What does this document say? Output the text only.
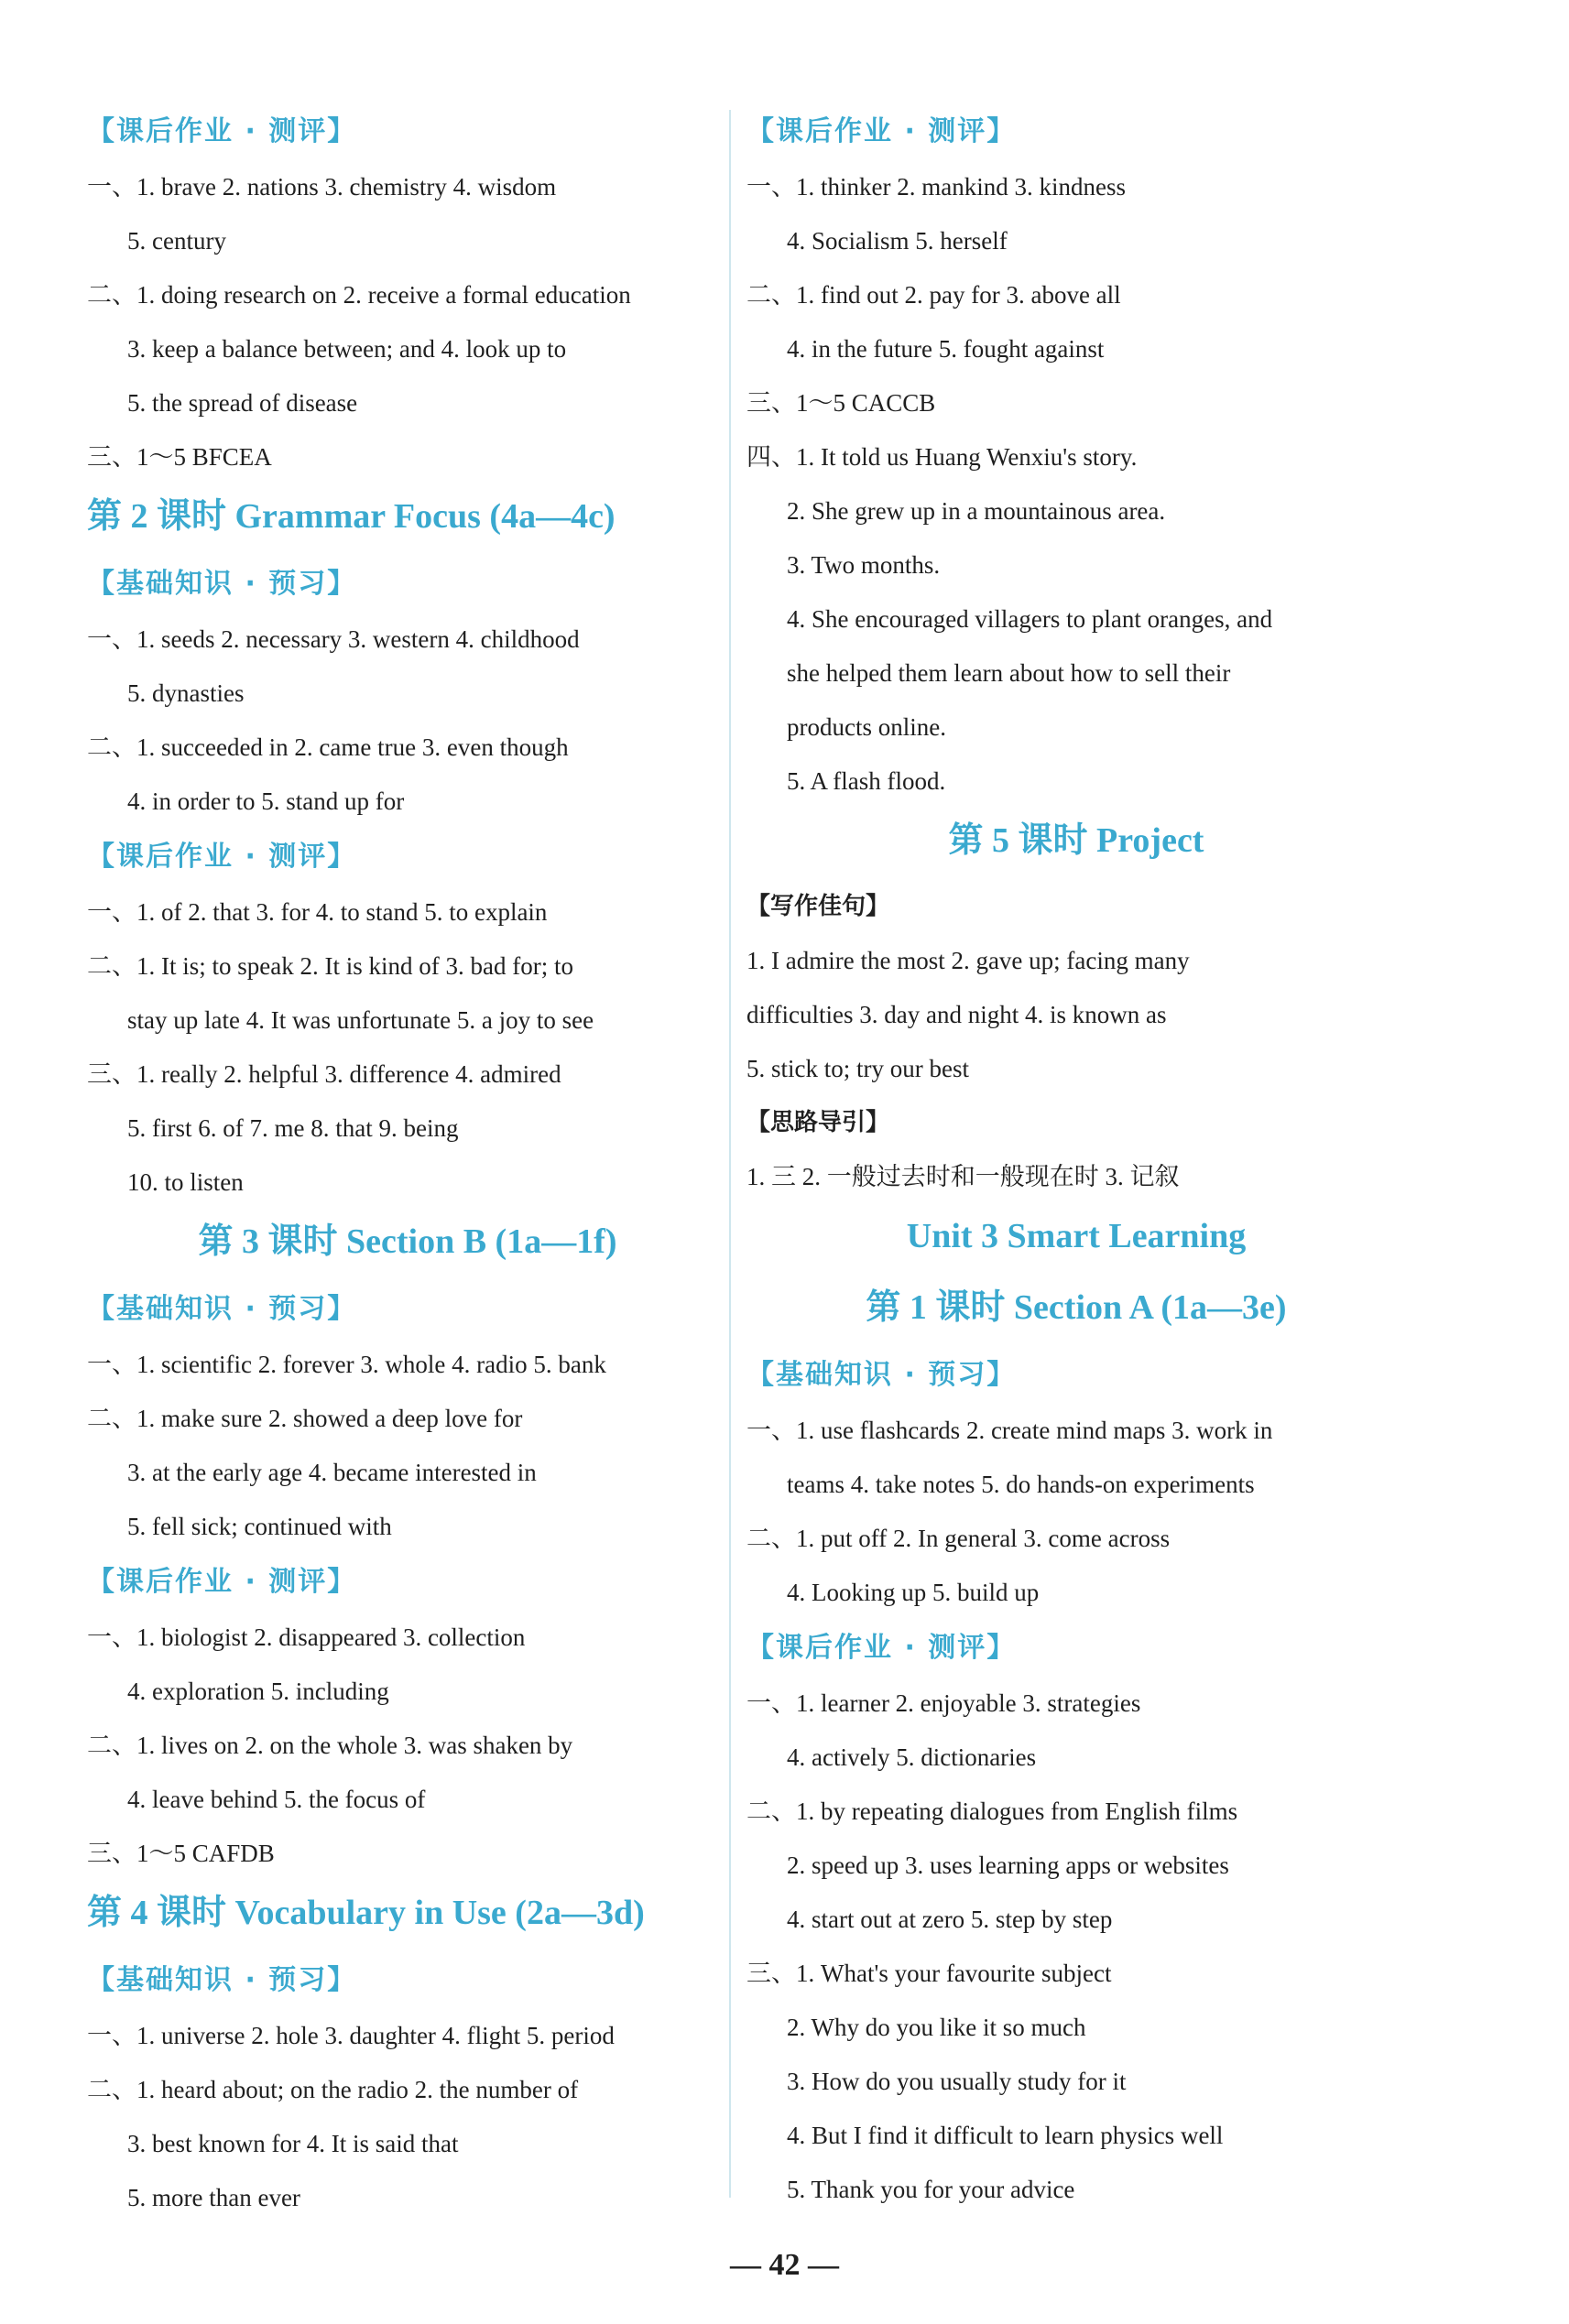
【课后作业 · 测评】
一、1. brave 2. nations 3. chemistry 4. wisdom
5. century
二、1. doing research on 2. receive a formal education
3. keep a balance between; and 4. look up to
5. the spread of disease
三、1～5 BFCEA
第 2 课时 Grammar Focus (4a—4c)
【基础知识 · 预习】
一、1. seeds 2. necessary 3. western 4. childhood
5. dynasties
二、1. succeeded in 2. came true 3. even though
4. in order to 5. stand up for
【课后作业 · 测评】
一、1. of 2. that 3. for 4. to stand 5. to explain
二、1. It is; to speak 2. It is kind of 3. bad for; to
stay up late 4. It was unfortunate 5. a joy to see
三、1. really 2. helpful 3. difference 4. admired
5. first 6. of 7. me 8. that 9. being
10. to listen
第 3 课时 Section B (1a—1f)
【基础知识 · 预习】
一、1. scientific 2. forever 3. whole 4. radio 5. bank
二、1. make sure 2. showed a deep love for
3. at the early age 4. became interested in
5. fell sick; continued with
【课后作业 · 测评】
一、1. biologist 2. disappeared 3. collection
4. exploration 5. including
二、1. lives on 2. on the whole 3. was shaken by
4. leave behind 5. the focus of
三、1～5 CAFDB
第 4 课时 Vocabulary in Use (2a—3d)
【基础知识 · 预习】
一、1. universe 2. hole 3. daughter 4. flight 5. period
二、1. heard about; on the radio 2. the number of
3. best known for 4. It is said that
5. more than ever
【课后作业 · 测评】
一、1. thinker 2. mankind 3. kindness
4. Socialism 5. herself
二、1. find out 2. pay for 3. above all
4. in the future 5. fought against
三、1～5 CACCB
四、1. It told us Huang Wenxiu's story.
2. She grew up in a mountainous area.
3. Two months.
4. She encouraged villagers to plant oranges, and
she helped them learn about how to sell their
products online.
5. A flash flood.
第 5 课时 Project
【写作佳句】
1. I admire the most 2. gave up; facing many
difficulties 3. day and night 4. is known as
5. stick to; try our best
【思路导引】
1. 三 2. 一般过去时和一般现在时 3. 记叙
Unit 3 Smart Learning
第 1 课时 Section A (1a—3e)
【基础知识 · 预习】
一、1. use flashcards 2. create mind maps 3. work in
teams 4. take notes 5. do hands-on experiments
二、1. put off 2. In general 3. come across
4. Looking up 5. build up
【课后作业 · 测评】
一、1. learner 2. enjoyable 3. strategies
4. actively 5. dictionaries
二、1. by repeating dialogues from English films
2. speed up 3. uses learning apps or websites
4. start out at zero 5. step by step
三、1. What's your favourite subject
2. Why do you like it so much
3. How do you usually study for it
4. But I find it difficult to learn physics well
5. Thank you for your advice
— 42 —
